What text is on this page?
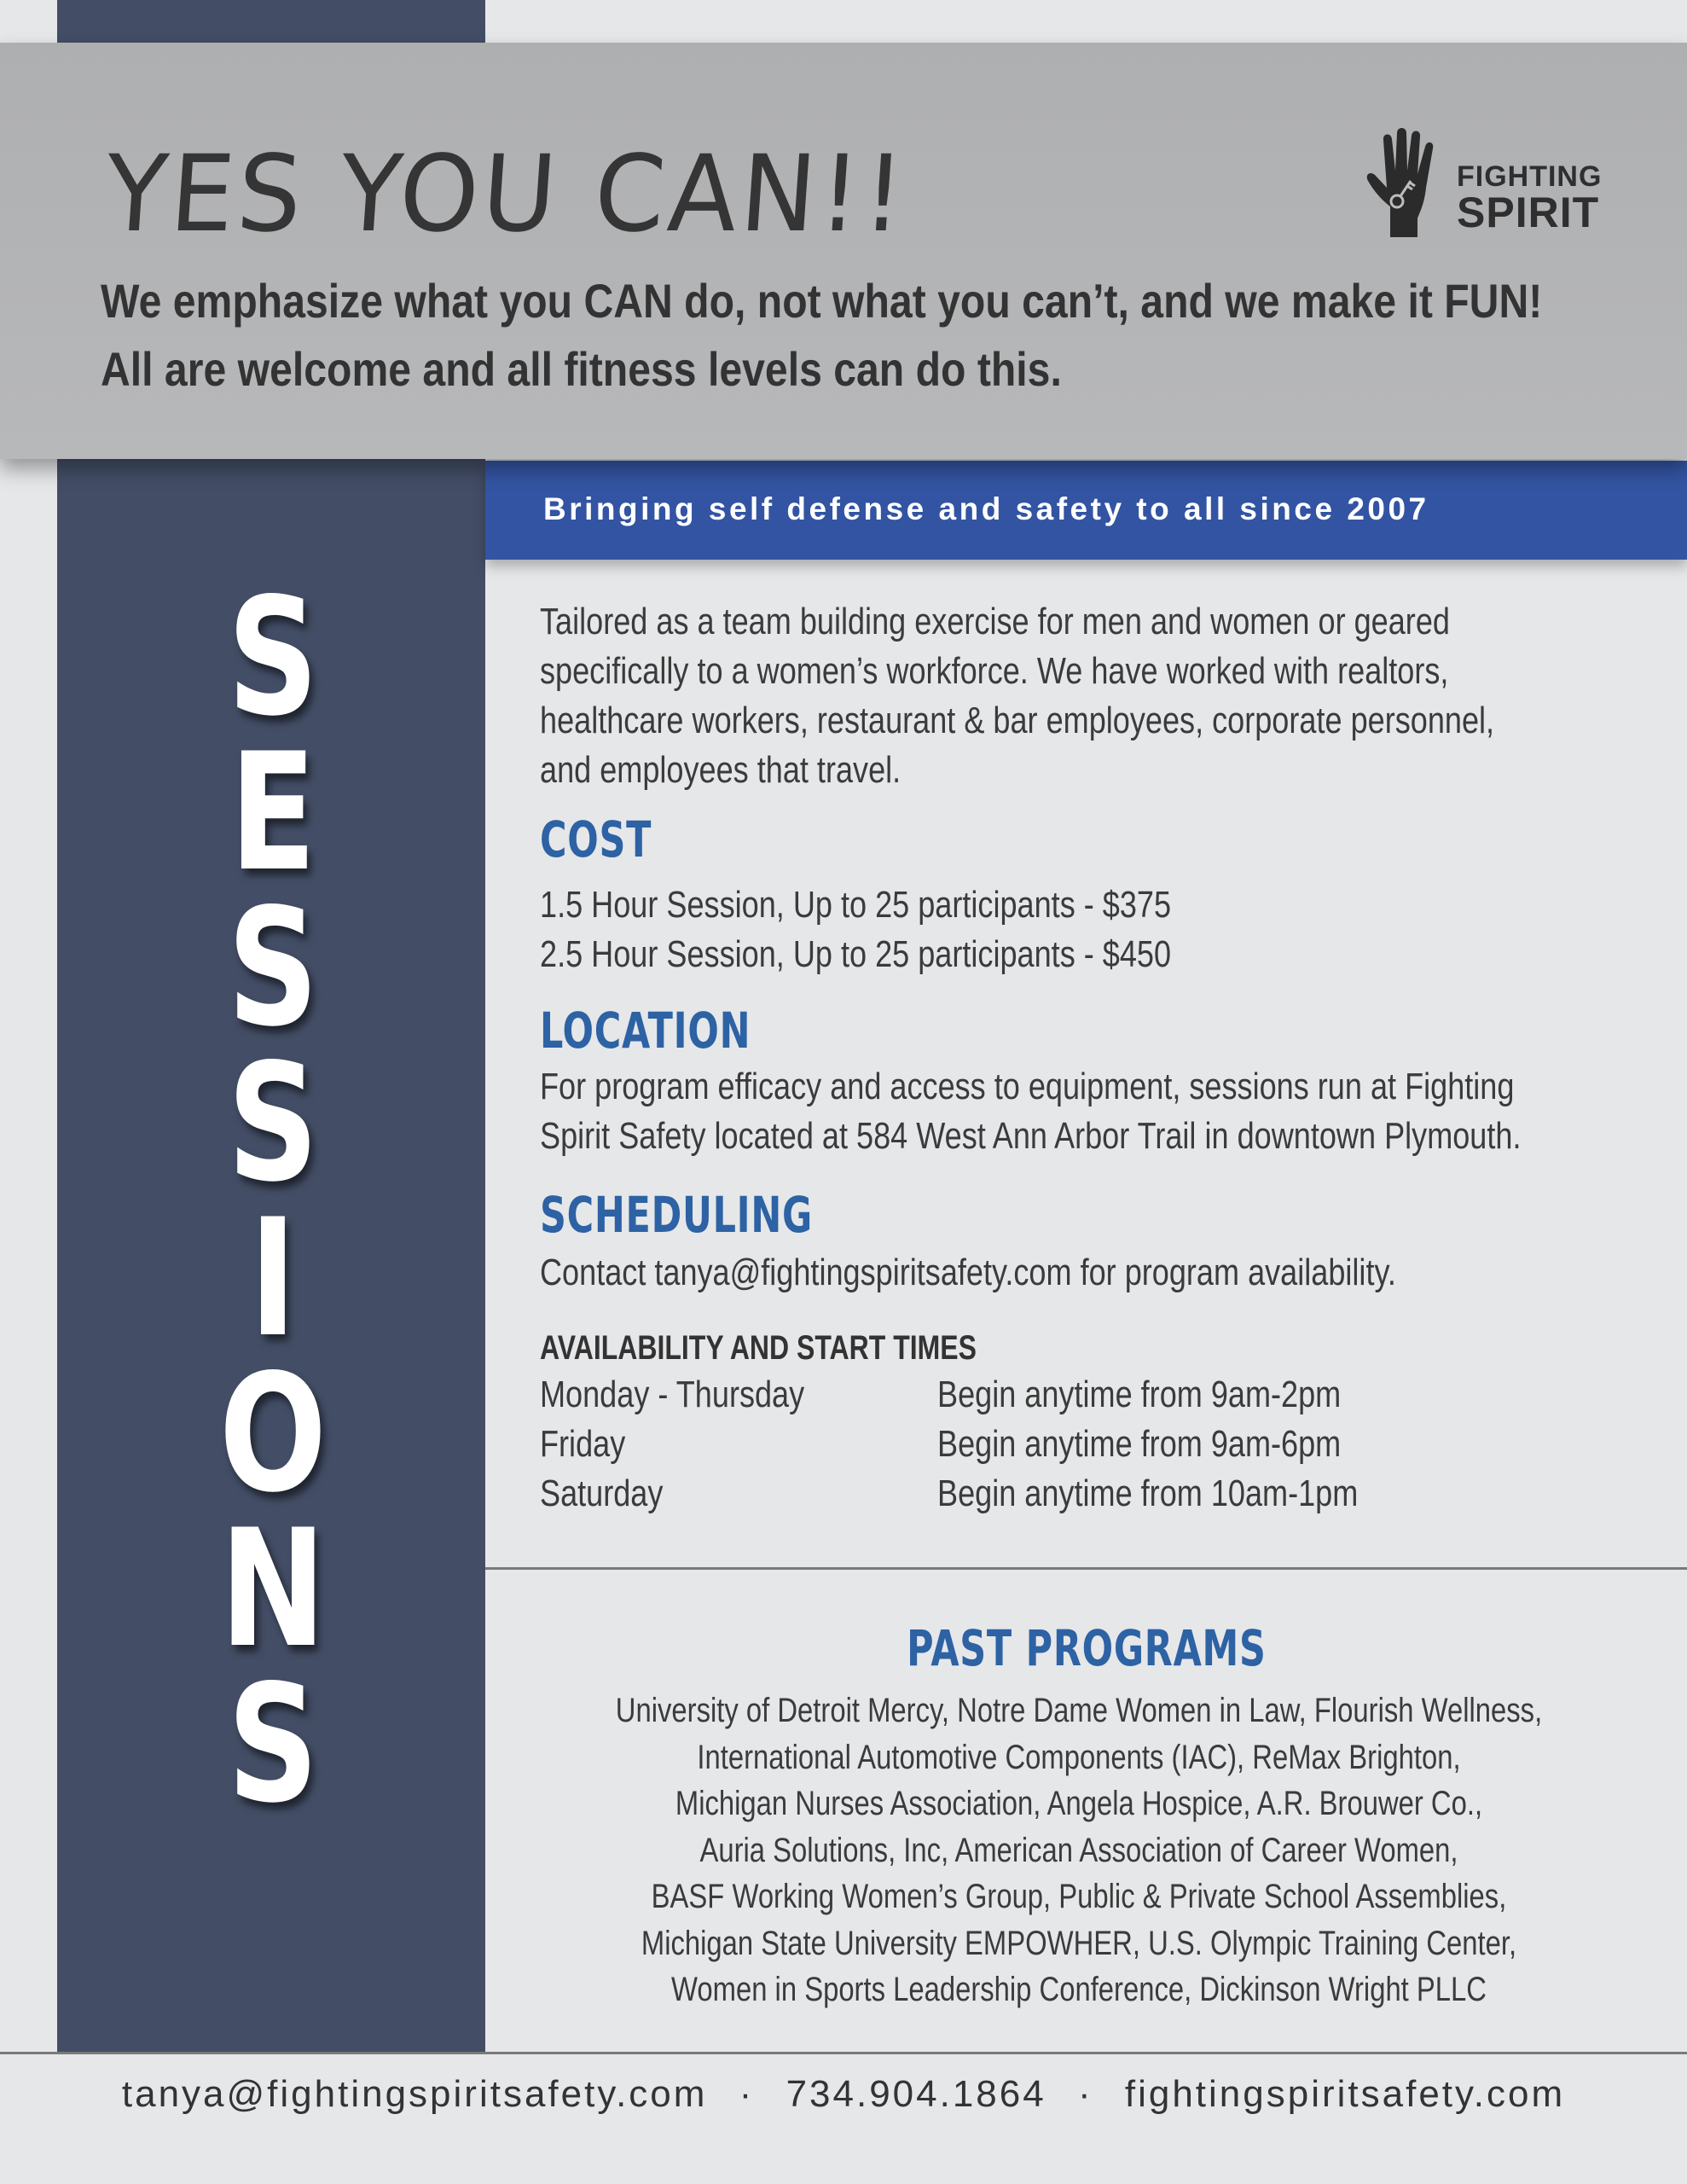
YES YOU CAN!!
We emphasize what you CAN do, not what you can’t, and we make it FUN!
All are welcome and all fitness levels can do this.
FIGHTING
SPIRIT
Bringing self defense and safety to all since 2007
S
E
S
S
I
O
N
S
Tailored as a team building exercise for men and women or geared
specifically to a women’s workforce. We have worked with realtors,
healthcare workers, restaurant & bar employees, corporate personnel,
and employees that travel.
COST
1.5 Hour Session, Up to 25 participants - $375
2.5 Hour Session, Up to 25 participants - $450
LOCATION
For program efficacy and access to equipment, sessions run at Fighting
Spirit Safety located at 584 West Ann Arbor Trail in downtown Plymouth.
SCHEDULING
Contact tanya@fightingspiritsafety.com for program availability.
AVAILABILITY AND START TIMES
Monday - Thursday	Begin anytime from 9am-2pm
Friday	Begin anytime from 9am-6pm
Saturday	Begin anytime from 10am-1pm
PAST PROGRAMS
University of Detroit Mercy, Notre Dame Women in Law, Flourish Wellness,
International Automotive Components (IAC), ReMax Brighton,
Michigan Nurses Association, Angela Hospice, A.R. Brouwer Co.,
Auria Solutions, Inc, American Association of Career Women,
BASF Working Women’s Group, Public & Private School Assemblies,
Michigan State University EMPOWHER, U.S. Olympic Training Center,
Women in Sports Leadership Conference, Dickinson Wright PLLC
tanya@fightingspiritsafety.com · 734.904.1864 · fightingspiritsafety.com
